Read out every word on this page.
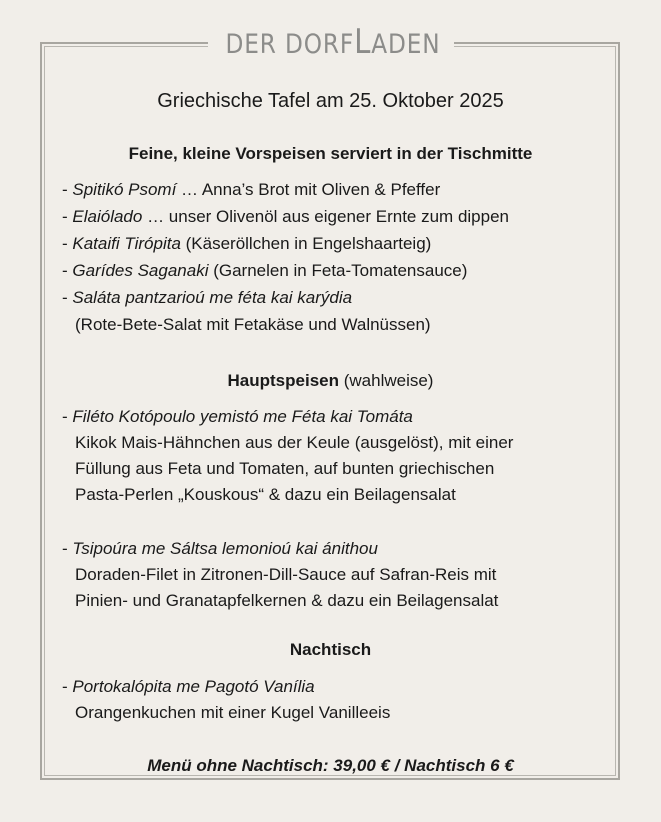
DER DORFLADEN
Griechische Tafel am 25. Oktober 2025
Feine, kleine Vorspeisen serviert in der Tischmitte
- Spitikó Psomí … Anna’s Brot mit Oliven & Pfeffer
- Elaiólado … unser Olivenöl aus eigener Ernte zum dippen
- Kataifi Tirópita (Käseröllchen in Engelshaarteig)
- Garídes Saganaki (Garnelen in Feta-Tomatensauce)
- Saláta pantzarioú me féta kai karýdia
(Rote-Bete-Salat mit Fetakäse und Walnüssen)
Hauptspeisen (wahlweise)
- Filéto Kotópoulo yemistó me Féta kai Tomáta
Kikok Mais-Hähnchen aus der Keule (ausgelöst), mit einer
Füllung aus Feta und Tomaten, auf bunten griechischen
Pasta-Perlen „Kouskous“ & dazu ein Beilagensalat
- Tsipoúra me Sáltsa lemonioú kai ánithou
Doraden-Filet in Zitronen-Dill-Sauce auf Safran-Reis mit
Pinien- und Granatapfelkernen & dazu ein Beilagensalat
Nachtisch
- Portokalópita me Pagotó Vanília
Orangenkuchen mit einer Kugel Vanilleeis
Menü ohne Nachtisch: 39,00 € / Nachtisch 6 €
